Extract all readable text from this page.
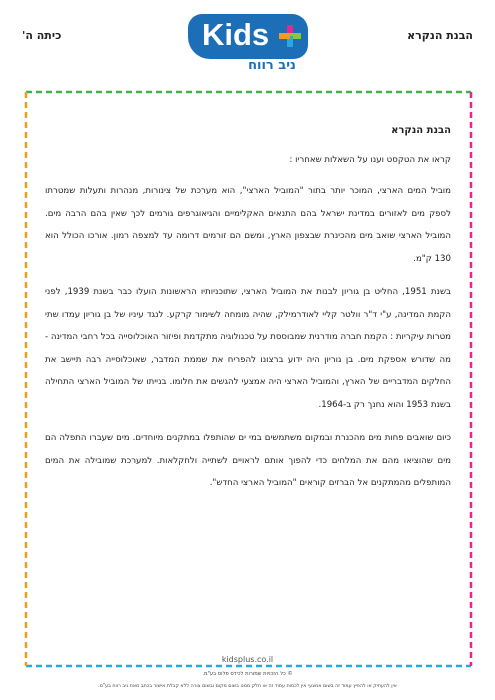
כיתה ה'	הבנת הנקרא
Kids
ניב רווח
הבנת הנקרא
קראו את הטקסט וענו על השאלות שאחריו :

מוביל המים הארצי, המוכר יותר בתור "המוביל הארצי", הוא מערכת של צינורות, מנהרות ותעלות שמטרתו לספק מים לאזורים במדינת ישראל בהם התנאים האקלימיים והגיאוגרפים גורמים לכך שאין בהם הרבה מים. המוביל הארצי שואב מים מהכינרת שבצפון הארץ, ומשם הם זורמים דרומה עד למצפה רמון. אורכו הכולל הוא 130 ק"מ.

בשנת 1951, החליט בן גוריון לבנות את המוביל הארצי, שתוכניותיו הראשונות הועלו כבר בשנת 1939, לפני הקמת המדינה, ע"י ד"ר וולטר קליי לאודרמילק, שהיה מומחה לשימור קרקע. לנגד עיניו של בן גוריון עמדו שתי מטרות עיקריות : הקמת חברה מודרנית שמבוססת על טכנולוגיה מתקדמת ופיזור האוכלוסייה בכל רחבי המדינה - מה שדורש אספקת מים. בן גוריון היה ידוע ברצונו להפריח את שממת המדבר, שאוכלוסייה רבה תיישב את החלקים המדבריים של הארץ, והמוביל הארצי היה אמצעי להגשים את חלומו. בנייתו של המוביל הארצי התחילה בשנת 1953 והוא נחנך רק ב-1964.

כיום שואבים פחות מים מהכנרת ובמקום משתמשים במי ים שהותפלו במתקנים מיוחדים. מים שעברו התפלה הם מים שהוציאו מהם את המלחים כדי להפוך אותם לראויים לשתייה ולחקלאות. למערכת שמובילה את המים המותפלים מהמתקנים אל הברזים קוראים "המוביל הארצי החדש".

kidsplus.co.il
© כל הזכויות שמורות לכידס פלוס בע"מ.
אין להעתיק או להפיץ עמוד זה בשום אמצעי אין לכסות עמוד זה או חלק ממנו בשום מקום ובשום צורה ללא קבלת אישור בכתב מאת ניב רווח בע"מ.
